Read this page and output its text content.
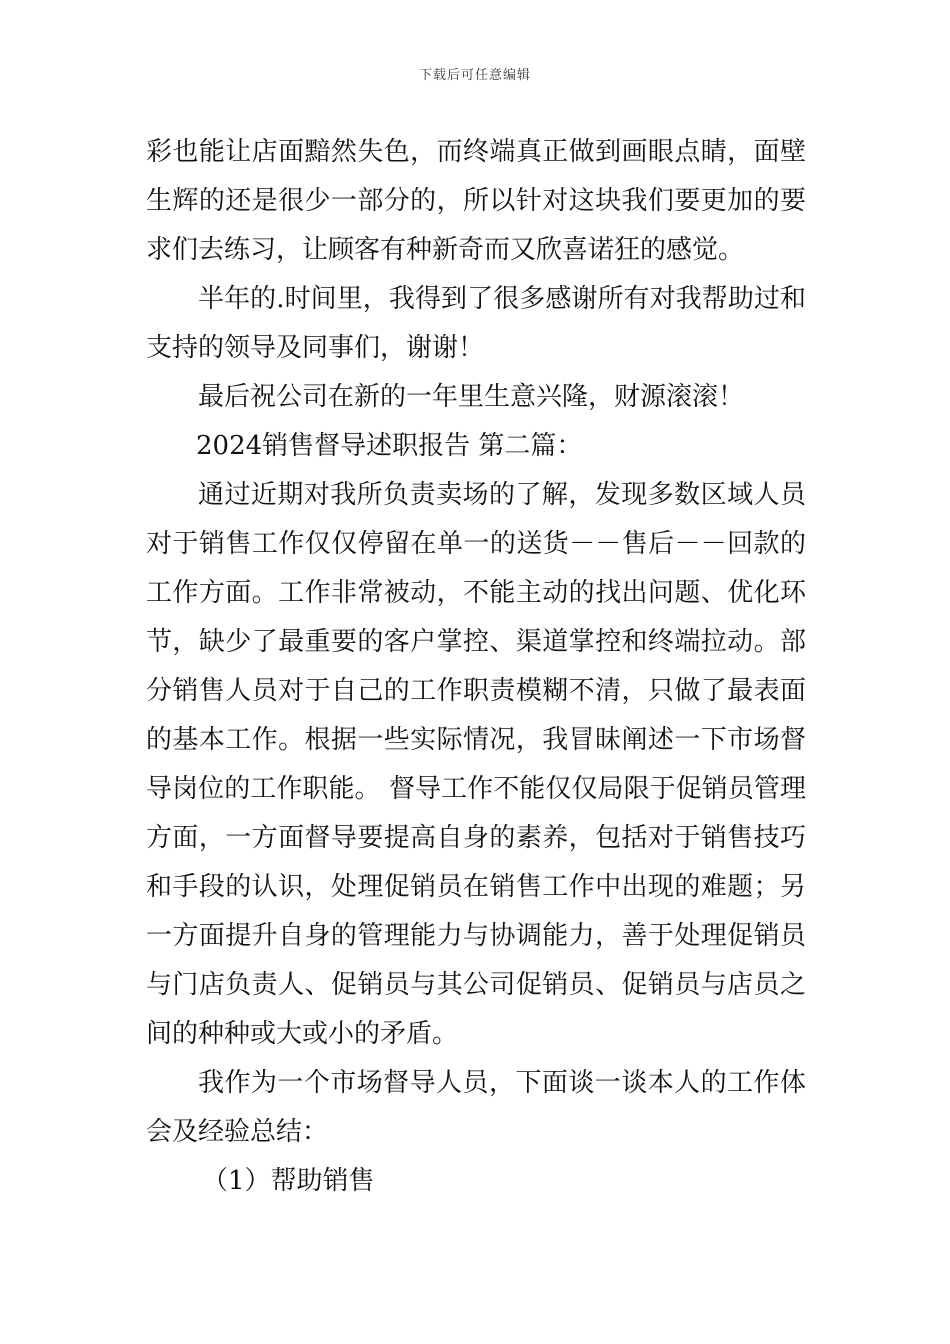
下载后可任意编辑

彩也能让店面黯然失色，而终端真正做到画眼点睛，面壁生辉的还是很少一部分的，所以针对这块我们要更加的要求们去练习，让顾客有种新奇而又欣喜诺狂的感觉。

半年的.时间里，我得到了很多感谢所有对我帮助过和支持的领导及同事们，谢谢！

最后祝公司在新的一年里生意兴隆，财源滚滚！

2024销售督导述职报告 第二篇：

通过近期对我所负责卖场的了解，发现多数区域人员对于销售工作仅仅停留在单一的送货－－售后－－回款的工作方面。工作非常被动，不能主动的找出问题、优化环节，缺少了最重要的客户掌控、渠道掌控和终端拉动。部分销售人员对于自己的工作职责模糊不清，只做了最表面的基本工作。根据一些实际情况，我冒昧阐述一下市场督导岗位的工作职能。 督导工作不能仅仅局限于促销员管理方面，一方面督导要提高自身的素养，包括对于销售技巧和手段的认识，处理促销员在销售工作中出现的难题；另一方面提升自身的管理能力与协调能力，善于处理促销员与门店负责人、促销员与其公司促销员、促销员与店员之间的种种或大或小的矛盾。

我作为一个市场督导人员，下面谈一谈本人的工作体会及经验总结：

（1）帮助销售
